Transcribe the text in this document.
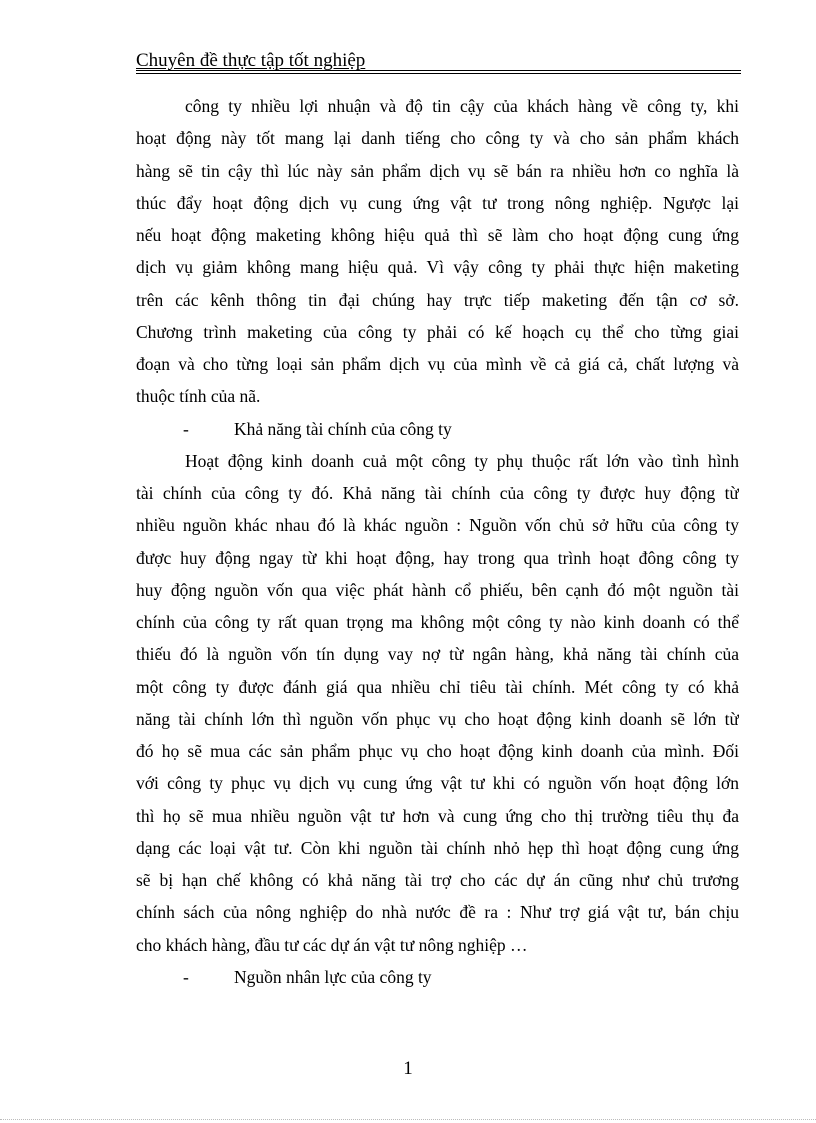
Chuyên đề thực tập tốt nghiệp
công ty nhiều lợi nhuận và độ tin cậy của khách hàng về công ty, khi
hoạt động này tốt mang lại danh tiếng cho công ty và cho sản phẩm khách
hàng sẽ tin cậy thì lúc này sản phẩm dịch vụ sẽ bán ra nhiều hơn co nghĩa là
thúc đẩy hoạt động dịch vụ cung ứng vật tư trong nông nghiệp. Ngược lại
nếu hoạt động maketing không hiệu quả thì sẽ làm cho hoạt động cung ứng
dịch vụ giảm không mang hiệu quả. Vì vậy công ty phải thực hiện maketing
trên các kênh thông tin đại chúng hay trực tiếp maketing đến tận cơ sở.
Chương trình maketing của công ty phải có kế hoạch cụ thể cho từng giai
đoạn và cho từng loại sản phẩm dịch vụ của mình về cả giá cả, chất lượng và
thuộc tính của nã.
-	Khả năng tài chính của công ty
Hoạt động kinh doanh cuả một công ty phụ thuộc rất lớn vào tình hình
tài chính của công ty đó. Khả năng tài chính của công ty được huy động từ
nhiều nguồn khác nhau đó là khác nguồn : Nguồn vốn chủ sở hữu của công ty
được huy động ngay từ khi hoạt động, hay trong qua trình hoạt đông công ty
huy động nguồn vốn qua việc phát hành cổ phiếu, bên cạnh đó một nguồn tài
chính của công ty rất quan trọng ma không một công ty nào kinh doanh có thể
thiếu đó là nguồn vốn tín dụng vay nợ từ ngân hàng, khả năng tài chính của
một công ty được đánh giá qua nhiều chỉ tiêu tài chính. Mét công ty có khả
năng tài chính lớn thì nguồn vốn phục vụ cho hoạt động kinh doanh sẽ lớn từ
đó họ sẽ mua các sản phẩm phục vụ cho hoạt động kinh doanh của mình. Đối
với công ty phục vụ dịch vụ cung ứng vật tư khi có nguồn vốn hoạt động lớn
thì họ sẽ mua nhiều nguồn vật tư hơn và cung ứng cho thị trường tiêu thụ đa
dạng các loại vật tư. Còn khi nguồn tài chính nhỏ hẹp thì hoạt động cung ứng
sẽ bị hạn chế không có khả năng tài trợ cho các dự án cũng như chủ trương
chính sách của nông nghiệp do nhà nước đề ra : Như trợ giá vật tư, bán chịu
cho khách hàng, đầu tư các dự án vật tư nông nghiệp …
-	Nguồn nhân lực của công ty
1
